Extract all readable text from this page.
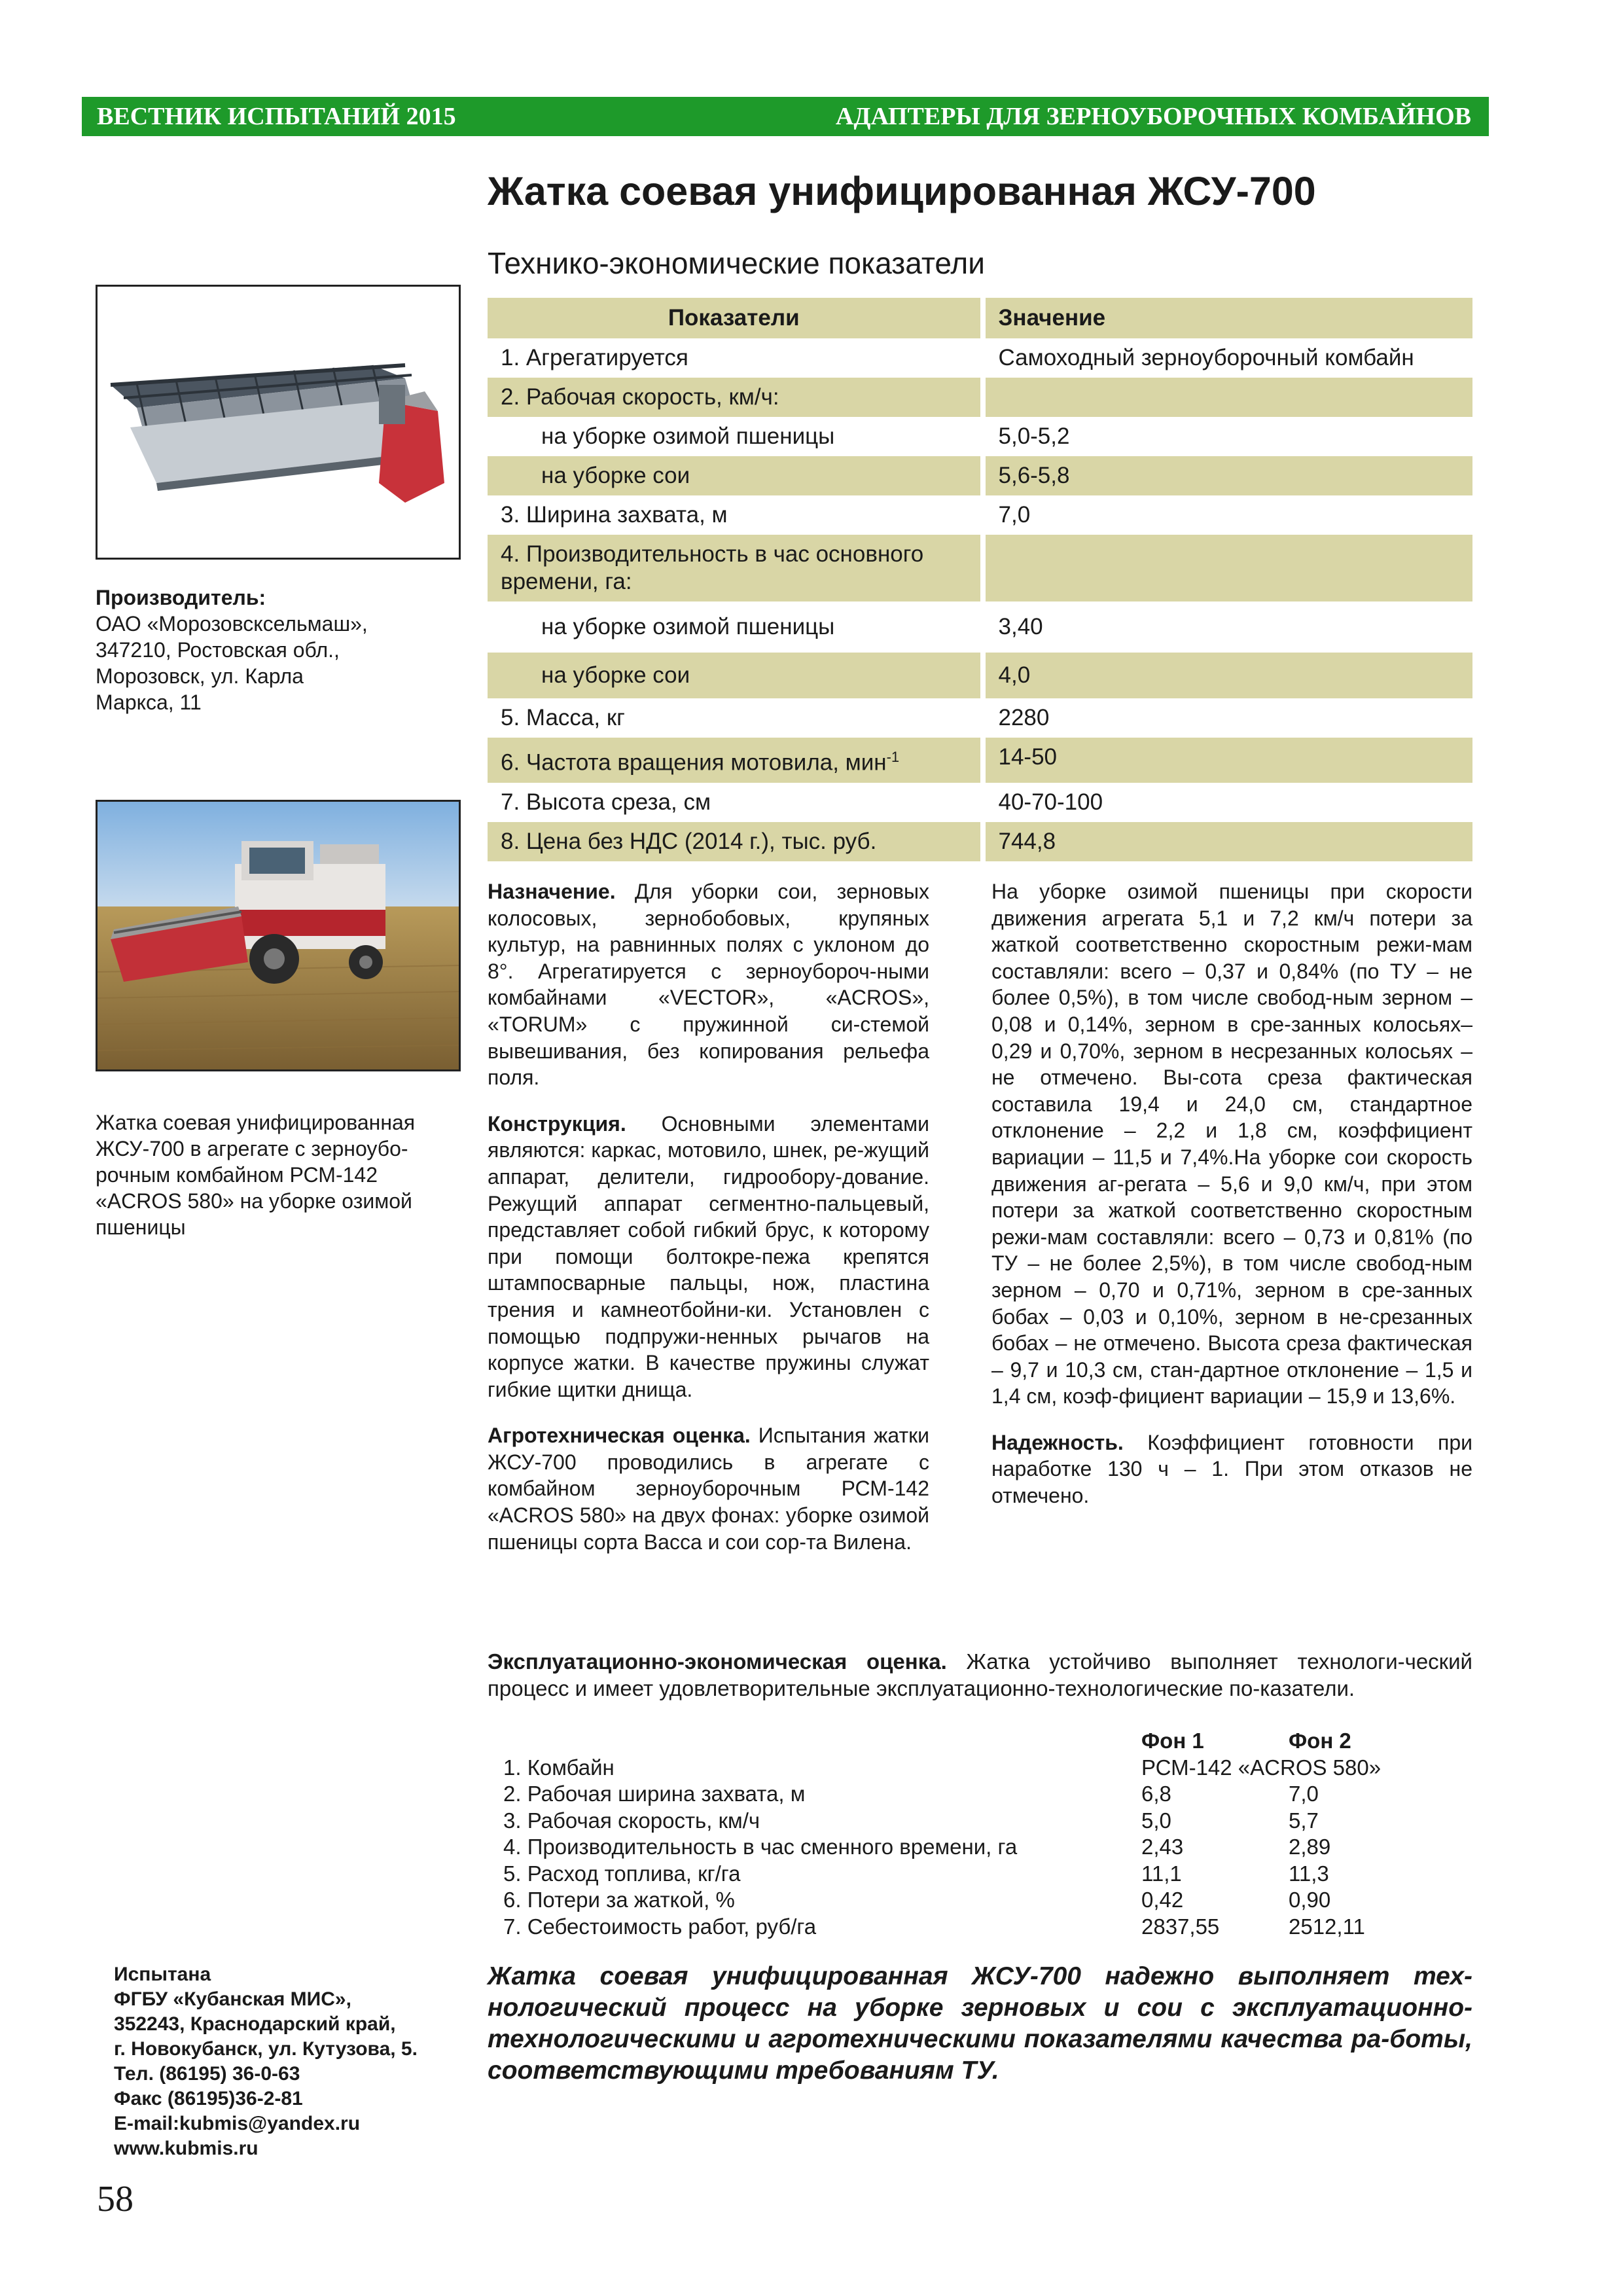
ВЕСТНИК ИСПЫТАНИЙ 2015	АДАПТЕРЫ ДЛЯ ЗЕРНОУБОРОЧНЫХ КОМБАЙНОВ
Жатка соевая унифицированная ЖСУ-700
Технико-экономические показатели
Производитель:
ОАО «Морозовсксельмаш»,
347210, Ростовская обл.,
Морозовск, ул. Карла
Маркса, 11
Жатка соевая унифицированная
ЖСУ-700 в агрегате с зерноубо-
рочным комбайном РСМ-142
«ACROS 580» на уборке озимой
пшеницы
Показатели	Значение
1. Агрегатируется	Самоходный зерноуборочный комбайн
2. Рабочая скорость, км/ч:	
на уборке озимой пшеницы	5,0-5,2
на уборке сои	5,6-5,8
3. Ширина захвата, м	7,0
4. Производительность в час основного времени, га:	
на уборке озимой пшеницы	3,40
на уборке сои	4,0
5. Масса, кг	2280
6. Частота вращения мотовила, мин$^{-1}$	14-50
7. Высота среза, см	40-70-100
8. Цена без НДС (2014 г.), тыс. руб.	744,8

Назначение. Для уборки сои, зерновых колосовых, зернобобовых, крупяных культур, на равнинных полях с уклоном до 8°. Агрегатируется с зерноубороч-ными комбайнами «VECTOR», «ACROS», «TORUM» с пружинной си-стемой вывешивания, без копирования рельефа поля.

Конструкция. Основными элементами являются: каркас, мотовило, шнек, ре-жущий аппарат, делители, гидрообору-дование. Режущий аппарат сегментно-пальцевый, представляет собой гибкий брус, к которому при помощи болтокре-пежа крепятся штампосварные пальцы, нож, пластина трения и камнеотбойни-ки. Установлен с помощью подпружи-ненных рычагов на корпусе жатки. В качестве пружины служат гибкие щитки днища.

Агротехническая оценка. Испытания жатки ЖСУ-700 проводились в агрегате с комбайном зерноуборочным РСМ-142 «ACROS 580» на двух фонах: уборке озимой пшеницы сорта Васса и сои сор-та Вилена.

На уборке озимой пшеницы при скорости движения агрегата 5,1 и 7,2 км/ч потери за жаткой соответственно скоростным режи-мам составляли: всего – 0,37 и 0,84% (по ТУ – не более 0,5%), в том числе свобод-ным зерном – 0,08 и 0,14%, зерном в сре-занных колосьях– 0,29 и 0,70%, зерном в несрезанных колосьях – не отмечено. Вы-сота среза фактическая составила 19,4 и 24,0 см, стандартное отклонение – 2,2 и 1,8 см, коэффициент вариации – 11,5 и 7,4%.На уборке сои скорость движения аг-регата – 5,6 и 9,0 км/ч, при этом потери за жаткой соответственно скоростным режи-мам составляли: всего – 0,73 и 0,81% (по ТУ – не более 2,5%), в том числе свобод-ным зерном – 0,70 и 0,71%, зерном в сре-занных бобах – 0,03 и 0,10%, зерном в не-срезанных бобах – не отмечено. Высота среза фактическая – 9,7 и 10,3 см, стан-дартное отклонение – 1,5 и 1,4 см, коэф-фициент вариации – 15,9 и 13,6%.

Надежность. Коэффициент готовности при наработке 130 ч – 1. При этом отказов не отмечено.

Эксплуатационно-экономическая оценка. Жатка устойчиво выполняет технологи-ческий процесс и имеет удовлетворительные эксплуатационно-технологические по-казатели.
	Фон 1	Фон 2
1. Комбайн	РСМ-142 «ACROS 580»	
2. Рабочая ширина захвата, м	6,8	7,0
3. Рабочая скорость, км/ч	5,0	5,7
4. Производительность в час сменного времени, га	2,43	2,89
5. Расход топлива, кг/га	11,1	11,3
6. Потери за жаткой, %	0,42	0,90
7. Себестоимость работ, руб/га	2837,55	2512,11
Испытана
ФГБУ «Кубанская МИС»,
352243, Краснодарский край,
г. Новокубанск, ул. Кутузова, 5.
Тел. (86195) 36-0-63
Факс (86195)36-2-81
E-mail:kubmis@yandex.ru
www.kubmis.ru
Жатка соевая унифицированная ЖСУ-700 надежно выполняет тех-нологический процесс на уборке зерновых и сои с эксплуатационно-технологическими и агротехническими показателями качества ра-боты, соответствующими требованиям ТУ.
58
